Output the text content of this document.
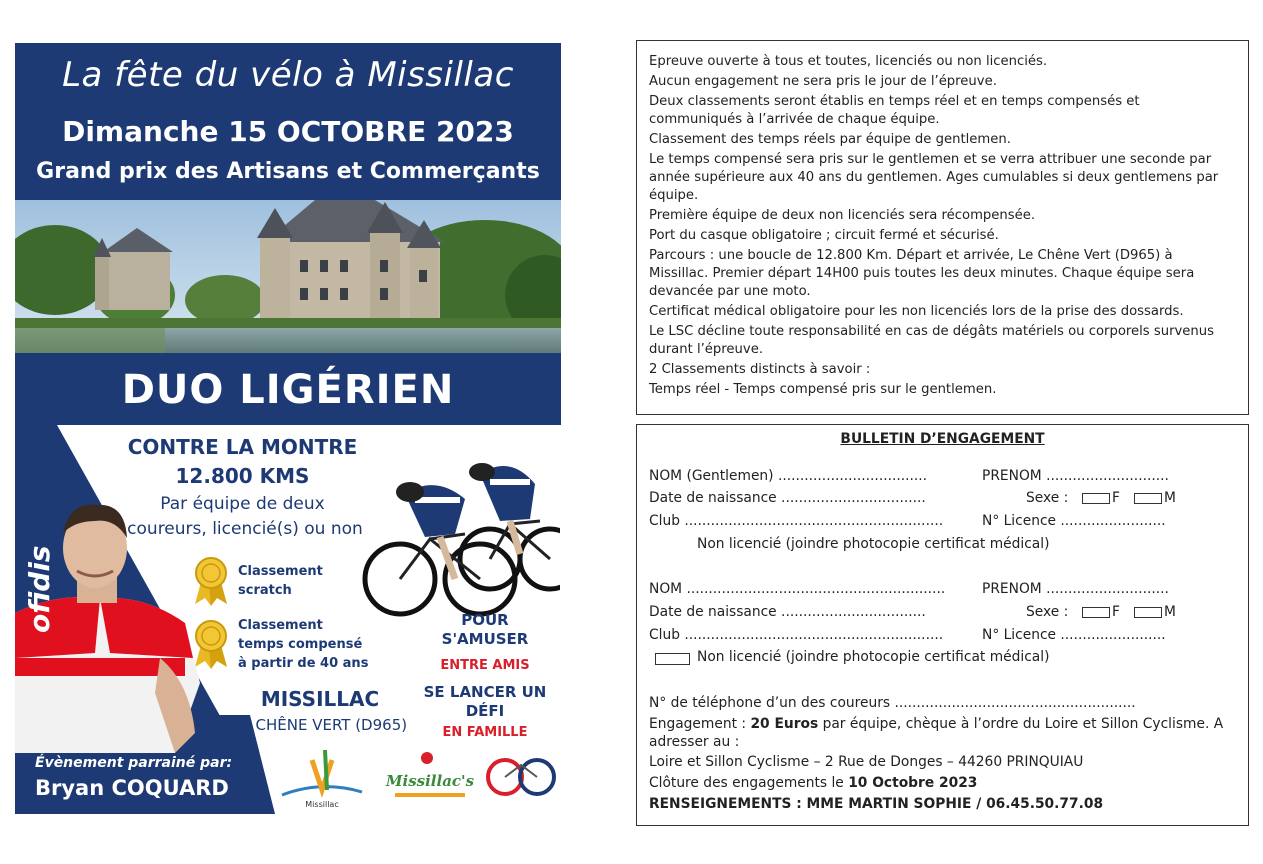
La fête du vélo à Missillac
Dimanche 15 OCTOBRE 2023
Grand prix des Artisans et Commerçants
DUO LIGÉRIEN
CONTRE LA MONTRE
12.800 KMS
Par équipe de deux
coureurs, licencié(s) ou non
Classement
scratch
Classement
temps compensé
à partir de 40 ans
POUR
S'AMUSER
ENTRE AMIS
SE LANCER UN
DÉFI
EN FAMILLE
MISSILLAC
LE CHÊNE VERT (D965)
ofidis
Évènement parrainé par:
Bryan COQUARD
Missillac
Missillac's
Epreuve ouverte à tous et toutes, licenciés ou non licenciés.
Aucun engagement ne sera pris le jour de l’épreuve.
Deux classements seront établis en temps réel et en temps compensés et communiqués à l’arrivée de chaque équipe.
Classement des temps réels par équipe de gentlemen.
Le temps compensé sera pris sur le gentlemen et se verra attribuer une seconde par année supérieure aux 40 ans du gentlemen. Ages cumulables si deux gentlemens par équipe.
Première équipe de deux non licenciés sera récompensée.
Port du casque obligatoire ; circuit fermé et sécurisé.
Parcours : une boucle de 12.800 Km. Départ et arrivée, Le Chêne Vert (D965) à Missillac. Premier départ 14H00 puis toutes les deux minutes. Chaque équipe sera devancée par une moto.
Certificat médical obligatoire pour les non licenciés lors de la prise des dossards.
Le LSC décline toute responsabilité en cas de dégâts matériels ou corporels survenus durant l’épreuve.
2 Classements distincts à savoir :
Temps réel - Temps compensé pris sur le gentlemen.
BULLETIN D’ENGAGEMENT
NOM (Gentlemen) ..................................	PRENOM ............................
Date de naissance .................................	Sexe :	F	M
Club ...........................................................	N° Licence ........................
Non licencié (joindre photocopie certificat médical)
NOM ...........................................................	PRENOM ............................
Date de naissance .................................	Sexe :	F	M
Club ...........................................................	N° Licence ........................
Non licencié (joindre photocopie certificat médical)
N° de téléphone d’un des coureurs .......................................................
Engagement : 20 Euros par équipe, chèque à l’ordre du Loire et Sillon Cyclisme. A
adresser au :
Loire et Sillon Cyclisme – 2 Rue de Donges – 44260 PRINQUIAU
Clôture des engagements le 10 Octobre 2023
RENSEIGNEMENTS : MME MARTIN SOPHIE / 06.45.50.77.08
